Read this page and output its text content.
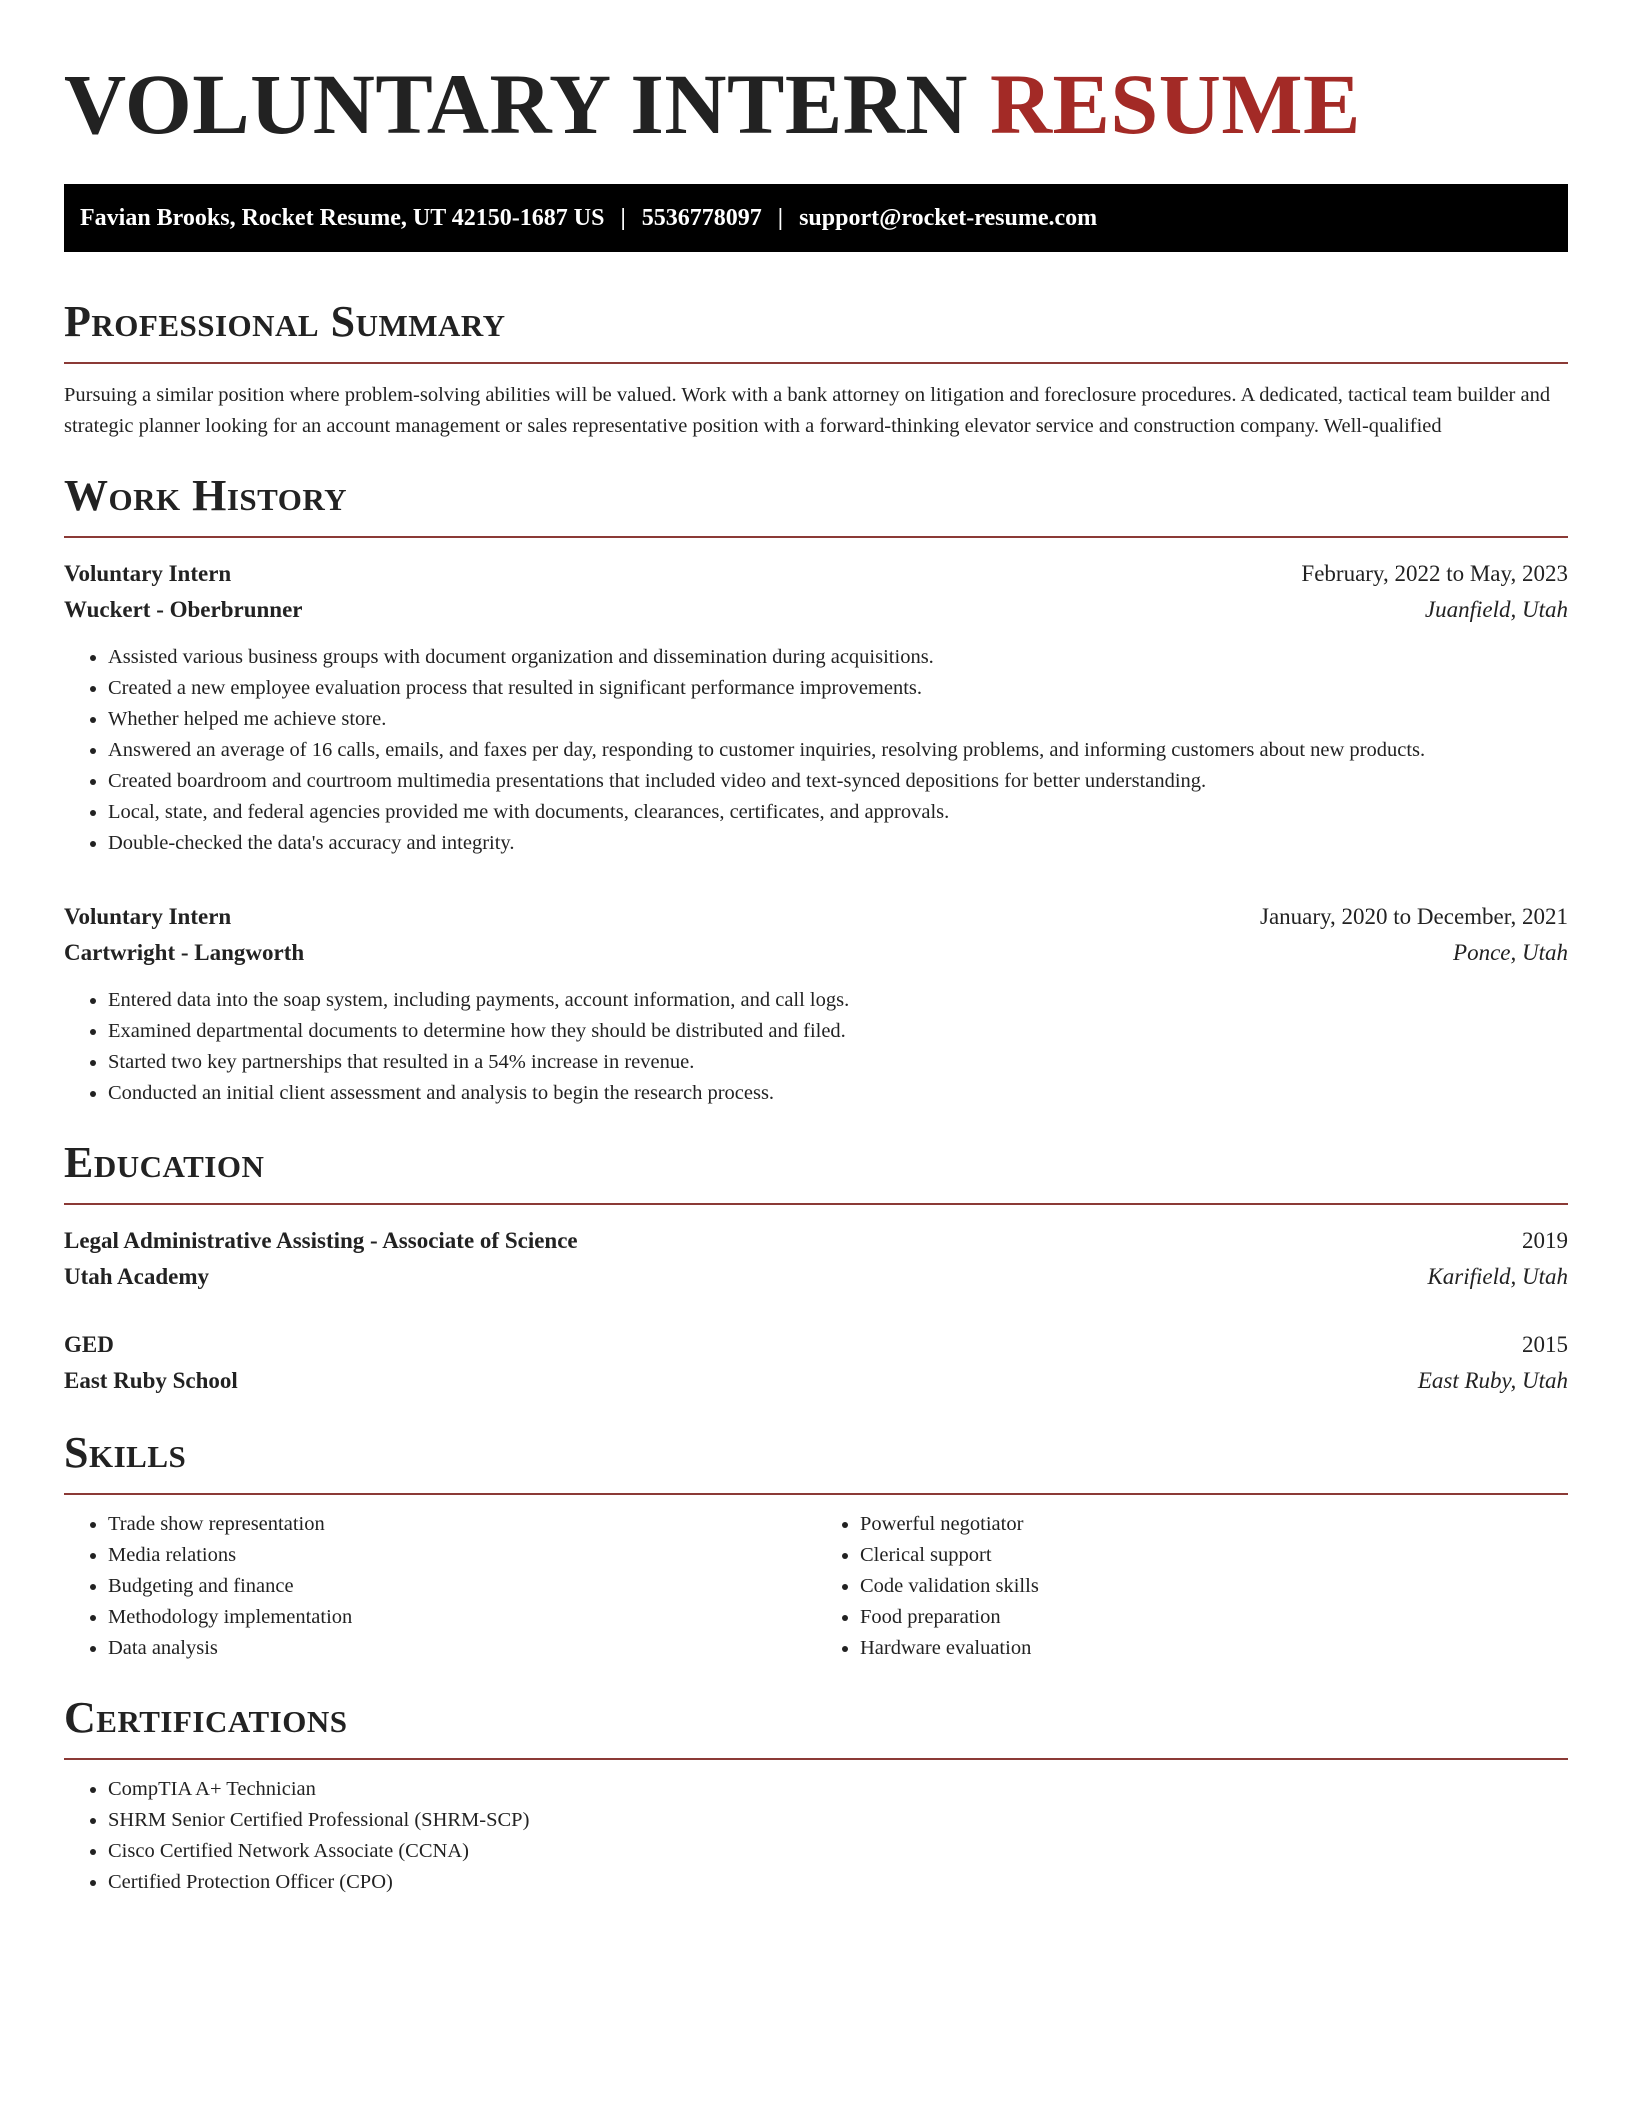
VOLUNTARY INTERN RESUME
Favian Brooks, Rocket Resume, UT 42150-1687 US | 5536778097 | support@rocket-resume.com
Professional Summary

Pursuing a similar position where problem-solving abilities will be valued. Work with a bank attorney on litigation and foreclosure procedures. A dedicated, tactical team builder and strategic planner looking for an account management or sales representative position with a forward-thinking elevator service and construction company. Well-qualified

Work History
Voluntary Intern	February, 2022 to May, 2023
Wuckert - Oberbrunner	Juanfield, Utah
• Assisted various business groups with document organization and dissemination during acquisitions.
• Created a new employee evaluation process that resulted in significant performance improvements.
• Whether helped me achieve store.
• Answered an average of 16 calls, emails, and faxes per day, responding to customer inquiries, resolving problems, and informing customers about new products.
• Created boardroom and courtroom multimedia presentations that included video and text-synced depositions for better understanding.
• Local, state, and federal agencies provided me with documents, clearances, certificates, and approvals.
• Double-checked the data's accuracy and integrity.
Voluntary Intern	January, 2020 to December, 2021
Cartwright - Langworth	Ponce, Utah
• Entered data into the soap system, including payments, account information, and call logs.
• Examined departmental documents to determine how they should be distributed and filed.
• Started two key partnerships that resulted in a 54% increase in revenue.
• Conducted an initial client assessment and analysis to begin the research process.
Education
Legal Administrative Assisting - Associate of Science	2019
Utah Academy	Karifield, Utah
GED	2015
East Ruby School	East Ruby, Utah
Skills
• Trade show representation
• Media relations
• Budgeting and finance
• Methodology implementation
• Data analysis
• Powerful negotiator
• Clerical support
• Code validation skills
• Food preparation
• Hardware evaluation
Certifications
• CompTIA A+ Technician
• SHRM Senior Certified Professional (SHRM-SCP)
• Cisco Certified Network Associate (CCNA)
• Certified Protection Officer (CPO)
